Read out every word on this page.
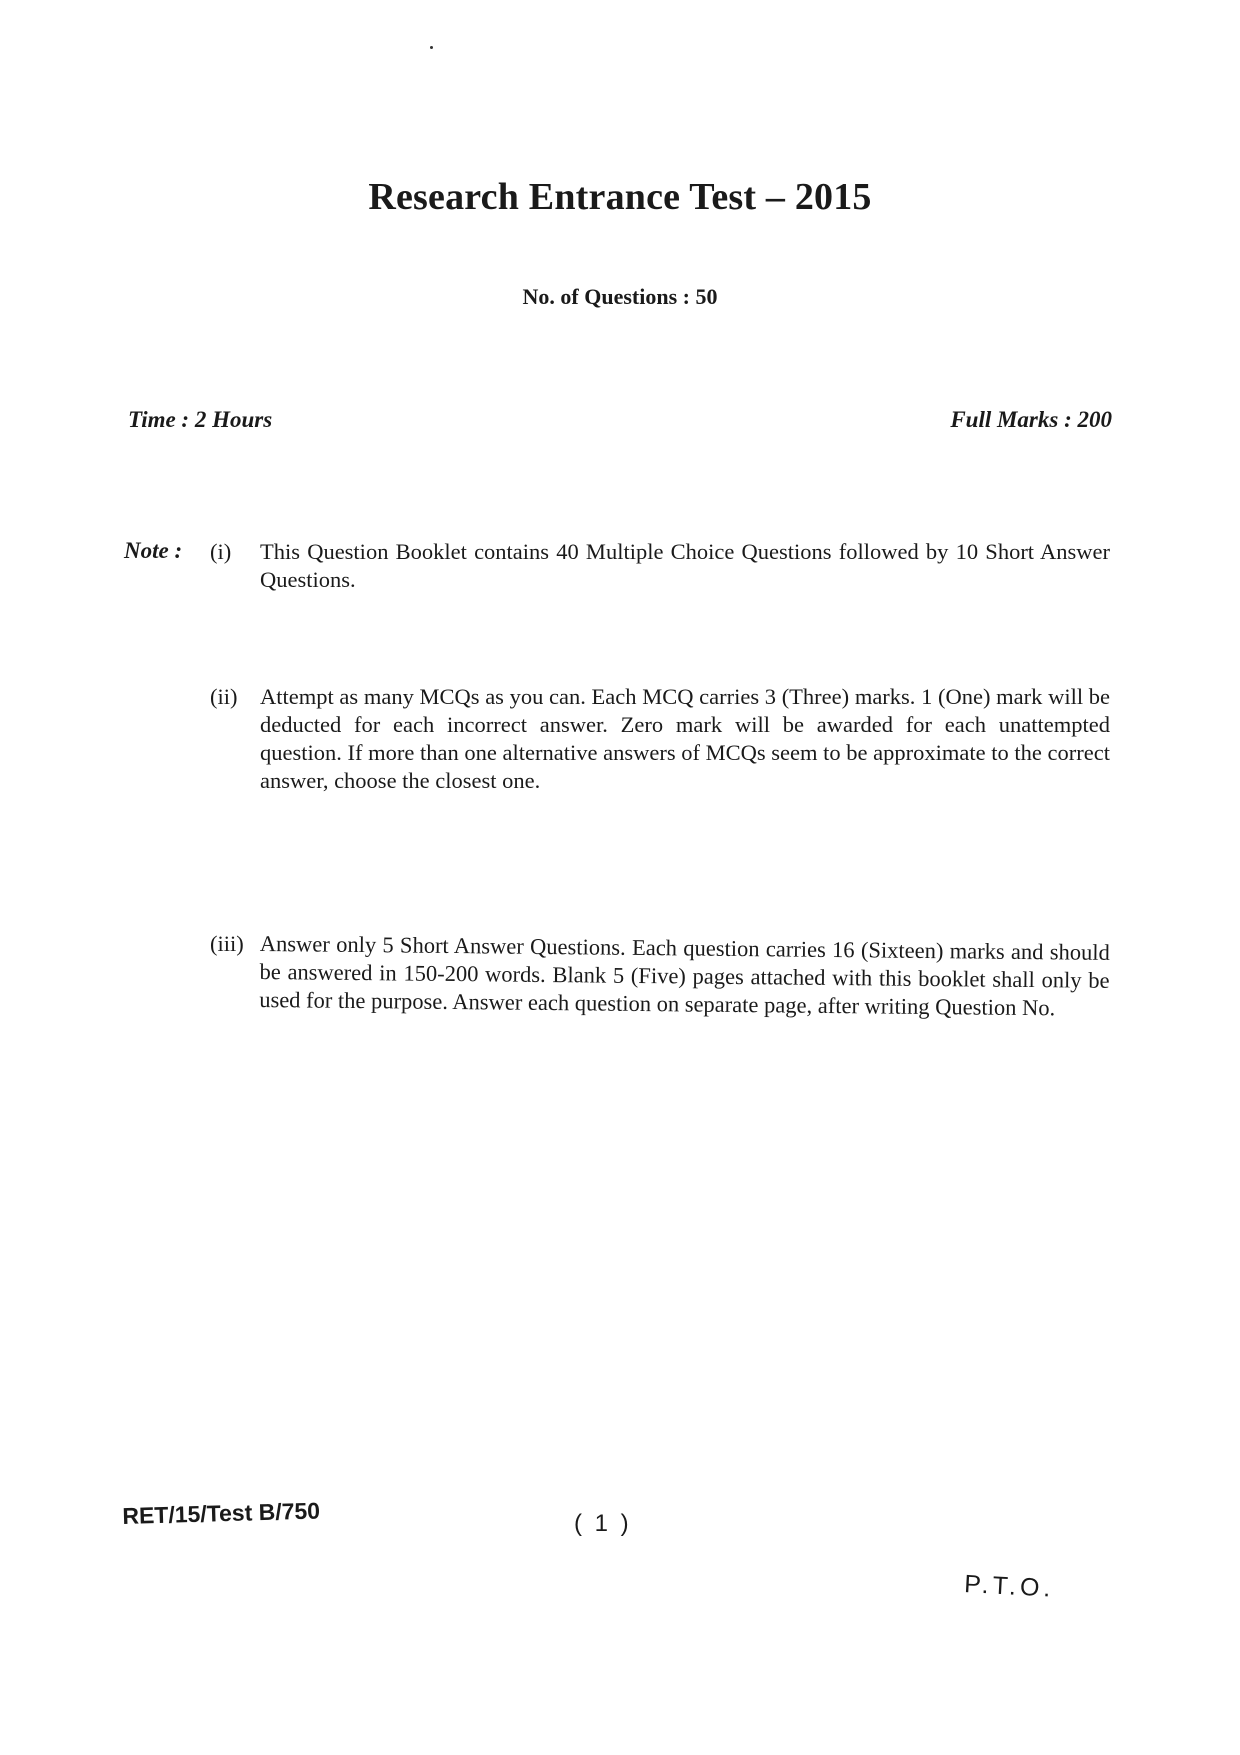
Research Entrance Test – 2015
No. of Questions : 50
Time : 2 Hours	Full Marks : 200
Note : (i) This Question Booklet contains 40 Multiple Choice Questions followed by 10 Short Answer Questions.
(ii) Attempt as many MCQs as you can. Each MCQ carries 3 (Three) marks. 1 (One) mark will be deducted for each incorrect answer. Zero mark will be awarded for each unattempted question. If more than one alternative answers of MCQs seem to be approximate to the correct answer, choose the closest one.
(iii) Answer only 5 Short Answer Questions. Each question carries 16 (Sixteen) marks and should be answered in 150-200 words. Blank 5 (Five) pages attached with this booklet shall only be used for the purpose. Answer each question on separate page, after writing Question No.
RET/15/Test B/750	( 1 )
P.T.O.
